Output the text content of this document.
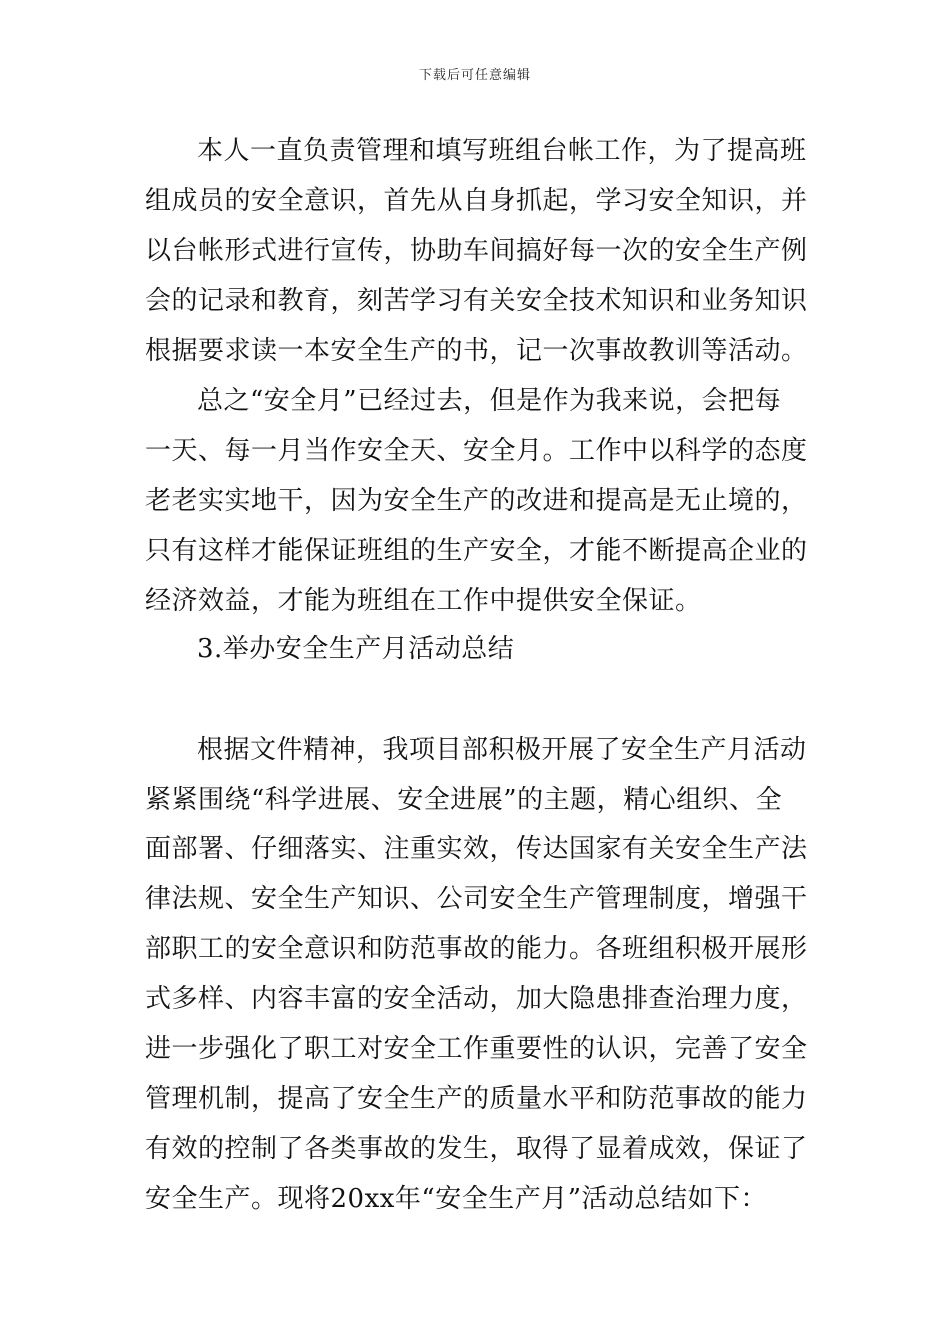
下载后可任意编辑
本人一直负责管理和填写班组台帐工作，为了提高班
组成员的安全意识，首先从自身抓起，学习安全知识，并
以台帐形式进行宣传，协助车间搞好每一次的安全生产例
会的记录和教育，刻苦学习有关安全技术知识和业务知识
根据要求读一本安全生产的书，记一次事故教训等活动。
总之“安全月”已经过去，但是作为我来说，会把每
一天、每一月当作安全天、安全月。工作中以科学的态度
老老实实地干，因为安全生产的改进和提高是无止境的，
只有这样才能保证班组的生产安全，才能不断提高企业的
经济效益，才能为班组在工作中提供安全保证。
3.举办安全生产月活动总结
根据文件精神，我项目部积极开展了安全生产月活动
紧紧围绕“科学进展、安全进展”的主题，精心组织、全
面部署、仔细落实、注重实效，传达国家有关安全生产法
律法规、安全生产知识、公司安全生产管理制度，增强干
部职工的安全意识和防范事故的能力。各班组积极开展形
式多样、内容丰富的安全活动，加大隐患排查治理力度，
进一步强化了职工对安全工作重要性的认识，完善了安全
管理机制，提高了安全生产的质量水平和防范事故的能力
有效的控制了各类事故的发生，取得了显着成效，保证了
安全生产。现将20xx年“安全生产月”活动总结如下：
